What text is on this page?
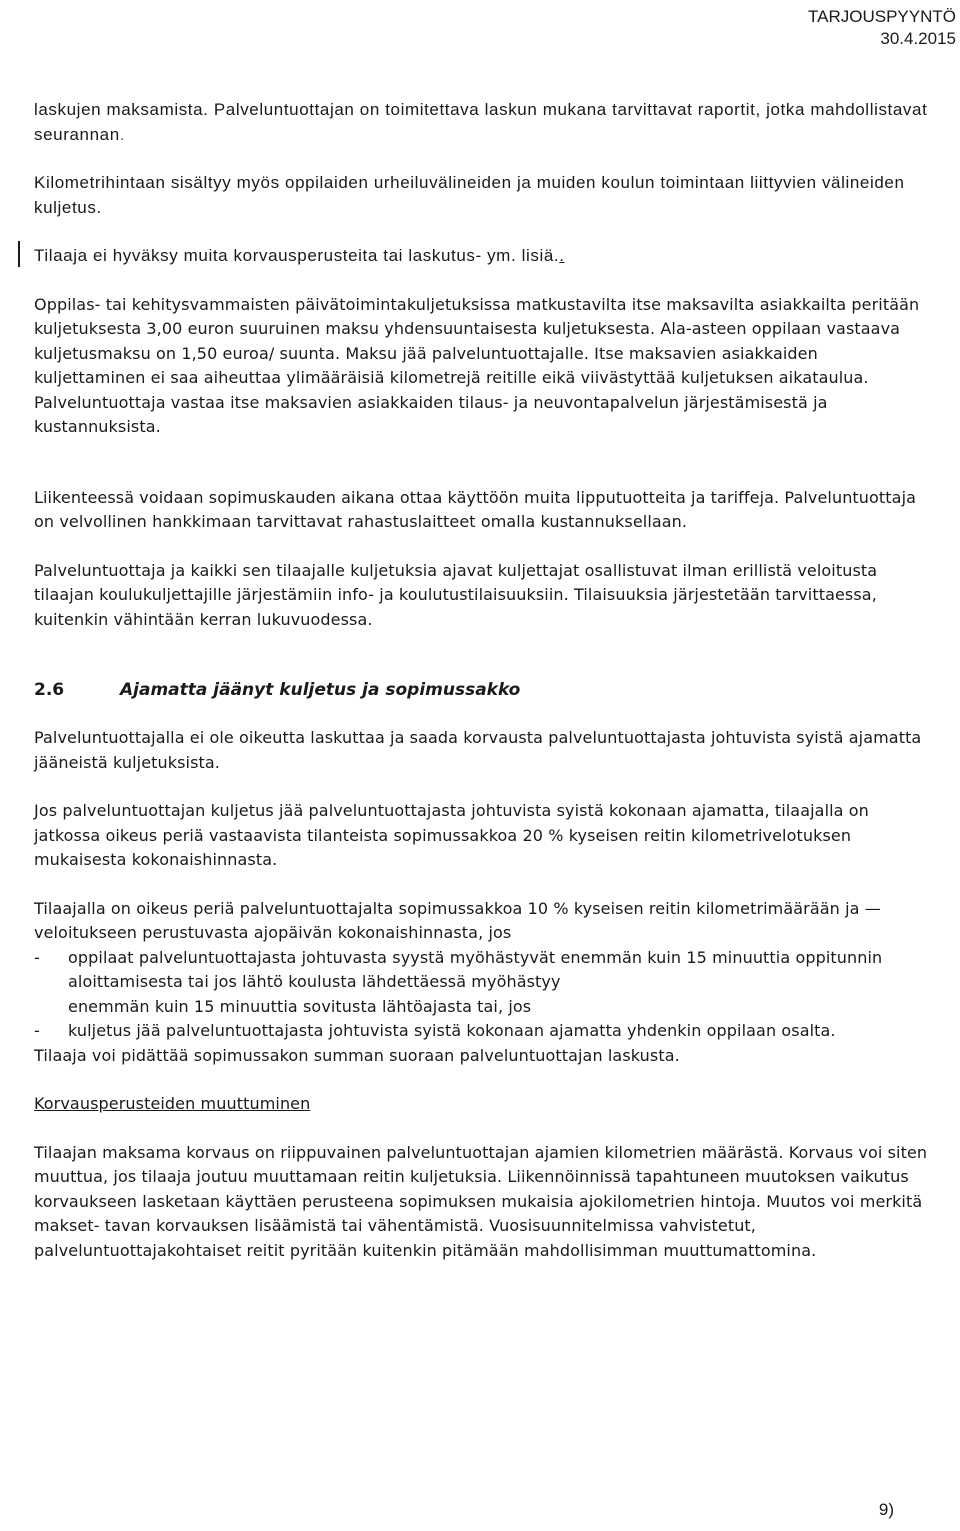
TARJOUSPYYNTÖ
30.4.2015

laskujen maksamista. Palveluntuottajan on toimitettava laskun mukana tarvittavat raportit, jotka mahdollistavat seurannan.

Kilometrihintaan sisältyy myös oppilaiden urheiluvälineiden ja muiden koulun toimintaan liittyvien välineiden kuljetus.

Tilaaja ei hyväksy muita korvausperusteita tai laskutus- ym. lisiä..

Oppilas- tai kehitysvammaisten päivätoimintakuljetuksissa matkustavilta itse maksavilta asiakkailta peritään kuljetuksesta 3,00 euron suuruinen maksu yhdensuuntaisesta kuljetuksesta. Ala-asteen oppilaan vastaava kuljetusmaksu on 1,50 euroa/ suunta. Maksu jää palveluntuottajalle. Itse maksavien asiakkaiden kuljettaminen ei saa aiheuttaa ylimääräisiä kilometrejä reitille eikä viivästyttää kuljetuksen aikataulua. Palveluntuottaja vastaa itse maksavien asiakkaiden tilaus- ja neuvontapalvelun järjestämisestä ja kustannuksista.

Liikenteessä voidaan sopimuskauden aikana ottaa käyttöön muita lipputuotteita ja tariffeja. Palveluntuottaja on velvollinen hankkimaan tarvittavat rahastuslaitteet omalla kustannuksellaan.

Palveluntuottaja ja kaikki sen tilaajalle kuljetuksia ajavat kuljettajat osallistuvat ilman erillistä veloitusta tilaajan koulukuljettajille järjestämiin info- ja koulutustilaisuuksiin. Tilaisuuksia järjestetään tarvittaessa, kuitenkin vähintään kerran lukuvuodessa.

2.6	Ajamatta jäänyt kuljetus ja sopimussakko

Palveluntuottajalla ei ole oikeutta laskuttaa ja saada korvausta palveluntuottajasta johtuvista syistä ajamatta jääneistä kuljetuksista.

Jos palveluntuottajan kuljetus jää palveluntuottajasta johtuvista syistä kokonaan ajamatta, tilaajalla on jatkossa oikeus periä vastaavista tilanteista sopimussakkoa 20 % kyseisen reitin kilometrivelotuksen mukaisesta kokonaishinnasta.

Tilaajalla on oikeus periä palveluntuottajalta sopimussakkoa 10 % kyseisen reitin kilometrimäärään ja —veloitukseen perustuvasta ajopäivän kokonaishinnasta, jos

-	oppilaat palveluntuottajasta johtuvasta syystä myöhästyvät enemmän kuin 15 minuuttia oppitunnin aloittamisesta tai jos lähtö koulusta lähdettäessä myöhästyy
enemmän kuin 15 minuuttia sovitusta lähtöajasta tai, jos
-	kuljetus jää palveluntuottajasta johtuvista syistä kokonaan ajamatta yhdenkin oppilaan osalta.

Tilaaja voi pidättää sopimussakon summan suoraan palveluntuottajan laskusta.

Korvausperusteiden muuttuminen

Tilaajan maksama korvaus on riippuvainen palveluntuottajan ajamien kilometrien määrästä. Korvaus voi siten muuttua, jos tilaaja joutuu muuttamaan reitin kuljetuksia. Liikennöinnissä tapahtuneen muutoksen vaikutus korvaukseen lasketaan käyttäen perusteena sopimuksen mukaisia ajokilometrien hintoja. Muutos voi merkitä makset- tavan korvauksen lisäämistä tai vähentämistä. Vuosisuunnitelmissa vahvistetut, palveluntuottajakohtaiset reitit pyritään kuitenkin pitämään mahdollisimman muuttumattomina.

9)
